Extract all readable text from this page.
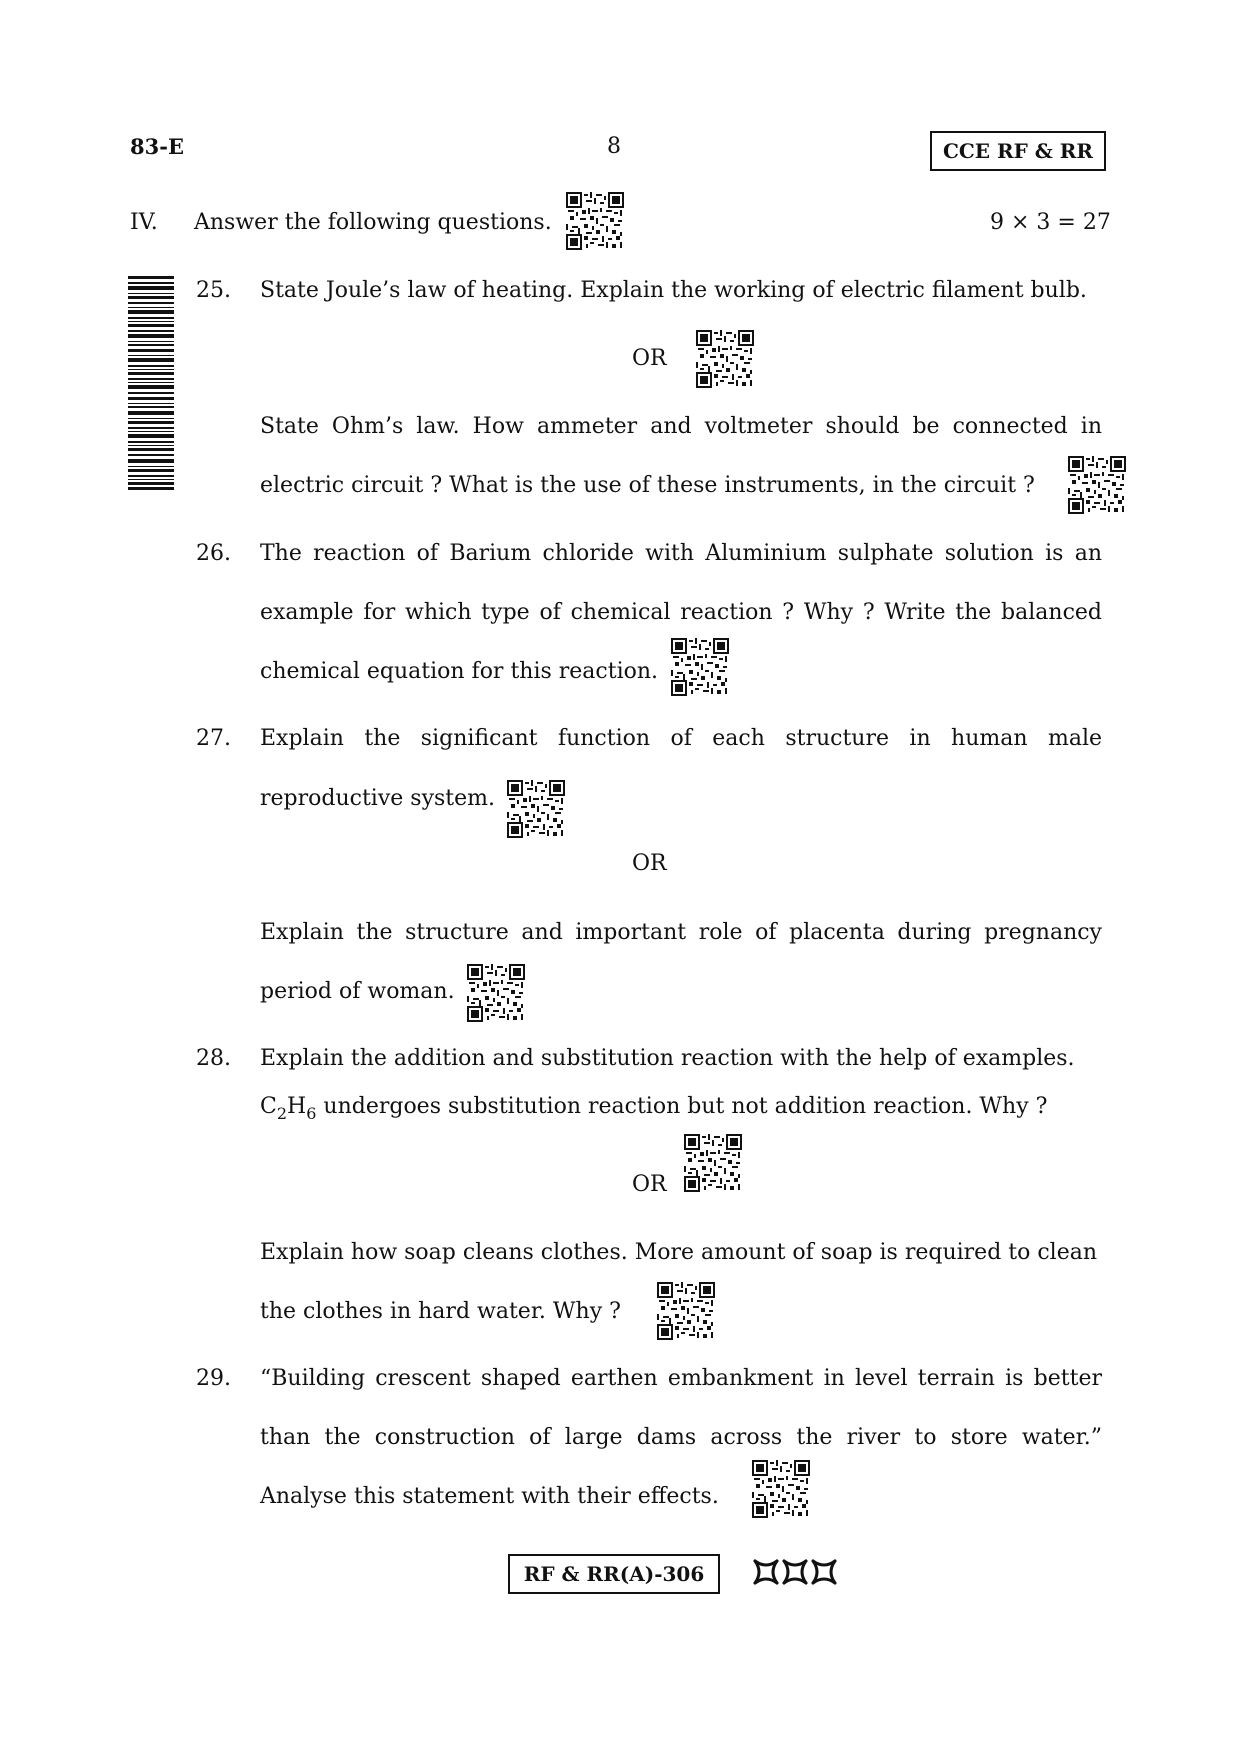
83-E	8	CCE RF & RR
IV. Answer the following questions.	9 × 3 = 27
25. State Joule’s law of heating. Explain the working of electric filament bulb.
OR
State Ohm’s law. How ammeter and voltmeter should be connected in
electric circuit ? What is the use of these instruments, in the circuit ?
26. The reaction of Barium chloride with Aluminium sulphate solution is an
example for which type of chemical reaction ? Why ? Write the balanced
chemical equation for this reaction.
27. Explain the significant function of each structure in human male
reproductive system.
OR
Explain the structure and important role of placenta during pregnancy
period of woman.
28. Explain the addition and substitution reaction with the help of examples.
$C_2H_6$ undergoes substitution reaction but not addition reaction. Why ?
OR
Explain how soap cleans clothes. More amount of soap is required to clean
the clothes in hard water. Why ?
29. “Building crescent shaped earthen embankment in level terrain is better
than the construction of large dams across the river to store water.”
Analyse this statement with their effects.
RF & RR(A)-306
